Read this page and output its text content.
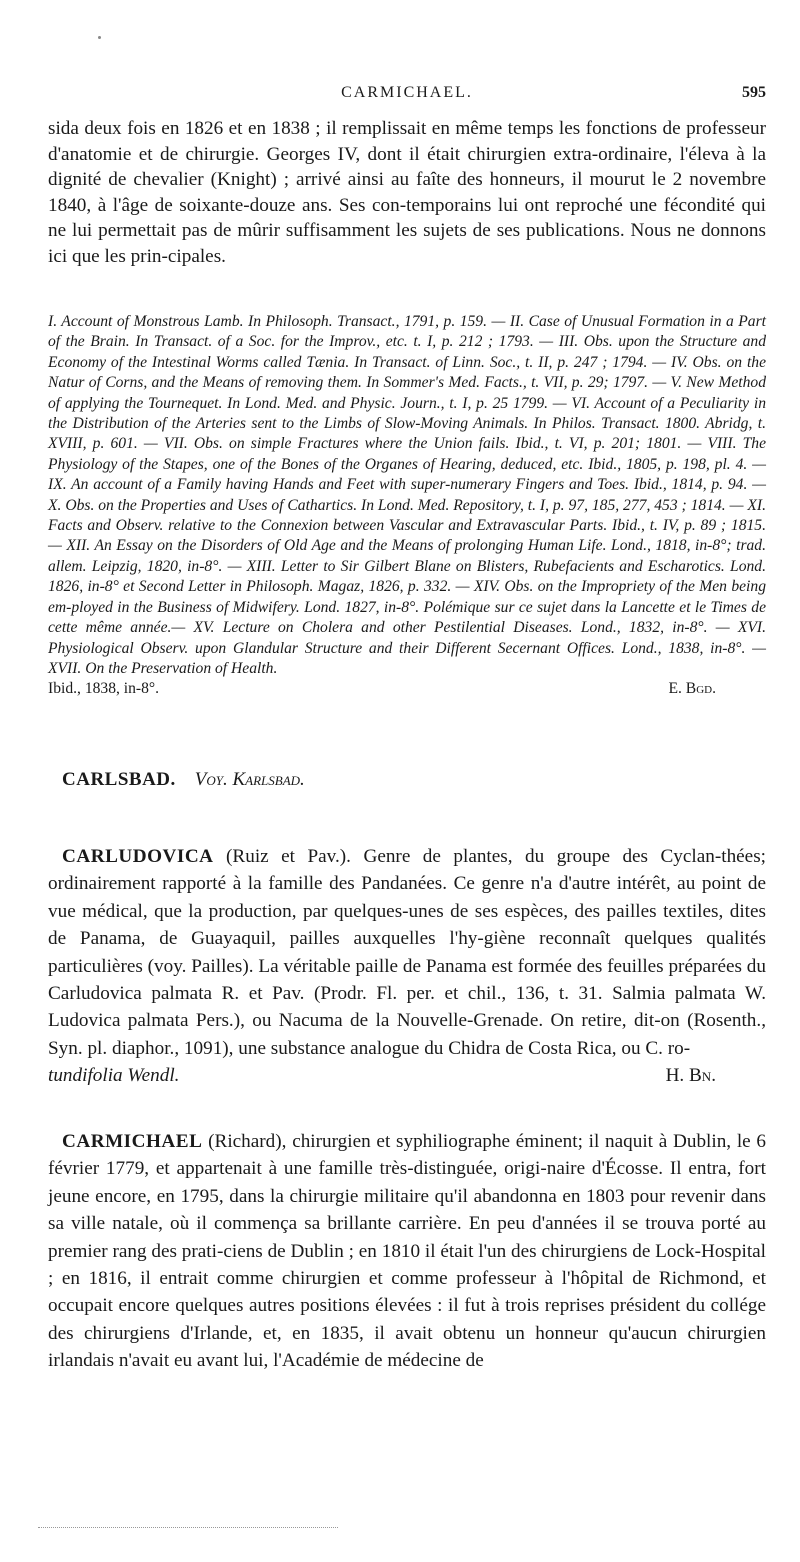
CARMICHAEL.	595

sida deux fois en 1826 et en 1838 ; il remplissait en même temps les fonctions de professeur d'anatomie et de chirurgie. Georges IV, dont il était chirurgien extra-ordinaire, l'éleva à la dignité de chevalier (Knight) ; arrivé ainsi au faîte des honneurs, il mourut le 2 novembre 1840, à l'âge de soixante-douze ans. Ses con-temporains lui ont reproché une fécondité qui ne lui permettait pas de mûrir suffisamment les sujets de ses publications. Nous ne donnons ici que les prin-cipales.

I. Account of Monstrous Lamb. In Philosoph. Transact., 1791, p. 159. — II. Case of Unusual Formation in a Part of the Brain. In Transact. of a Soc. for the Improv., etc. t. I, p. 212 ; 1793. — III. Obs. upon the Structure and Economy of the Intestinal Worms called Tænia. In Transact. of Linn. Soc., t. II, p. 247 ; 1794. — IV. Obs. on the Natur of Corns, and the Means of removing them. In Sommer's Med. Facts., t. VII, p. 29; 1797. — V. New Method of applying the Tournequet. In Lond. Med. and Physic. Journ., t. I, p. 25 1799. — VI. Account of a Peculiarity in the Distribution of the Arteries sent to the Limbs of Slow-Moving Animals. In Philos. Transact. 1800. Abridg, t. XVIII, p. 601. — VII. Obs. on simple Fractures where the Union fails. Ibid., t. VI, p. 201; 1801. — VIII. The Physiology of the Stapes, one of the Bones of the Organes of Hearing, deduced, etc. Ibid., 1805, p. 198, pl. 4. — IX. An account of a Family having Hands and Feet with super-numerary Fingers and Toes. Ibid., 1814, p. 94. — X. Obs. on the Properties and Uses of Cathartics. In Lond. Med. Repository, t. I, p. 97, 185, 277, 453 ; 1814. — XI. Facts and Observ. relative to the Connexion between Vascular and Extravascular Parts. Ibid., t. IV, p. 89 ; 1815. — XII. An Essay on the Disorders of Old Age and the Means of prolonging Human Life. Lond., 1818, in-8°; trad. allem. Leipzig, 1820, in-8°. — XIII. Letter to Sir Gilbert Blane on Blisters, Rubefacients and Escharotics. Lond. 1826, in-8° et Second Letter in Philosoph. Magaz, 1826, p. 332. — XIV. Obs. on the Impropriety of the Men being em-ployed in the Business of Midwifery. Lond. 1827, in-8°. Polémique sur ce sujet dans la Lancette et le Times de cette même année.— XV. Lecture on Cholera and other Pestilential Diseases. Lond., 1832, in-8°. — XVI. Physiological Observ. upon Glandular Structure and their Different Secernant Offices. Lond., 1838, in-8°. — XVII. On the Preservation of Health.

Ibid., 1838, in-8°.	E. Bgd.
CARLSBAD. Voy. Karlsbad.

CARLUDOVICA (Ruiz et Pav.). Genre de plantes, du groupe des Cyclan-thées; ordinairement rapporté à la famille des Pandanées. Ce genre n'a d'autre intérêt, au point de vue médical, que la production, par quelques-unes de ses espèces, des pailles textiles, dites de Panama, de Guayaquil, pailles auxquelles l'hy-giène reconnaît quelques qualités particulières (voy. Pailles). La véritable paille de Panama est formée des feuilles préparées du Carludovica palmata R. et Pav. (Prodr. Fl. per. et chil., 136, t. 31. Salmia palmata W. Ludovica palmata Pers.), ou Nacuma de la Nouvelle-Grenade. On retire, dit-on (Rosenth., Syn. pl. diaphor., 1091), une substance analogue du Chidra de Costa Rica, ou C. ro-

tundifolia Wendl.	H. Bn.

CARMICHAEL (Richard), chirurgien et syphiliographe éminent; il naquit à Dublin, le 6 février 1779, et appartenait à une famille très-distinguée, origi-naire d'Écosse. Il entra, fort jeune encore, en 1795, dans la chirurgie militaire qu'il abandonna en 1803 pour revenir dans sa ville natale, où il commença sa brillante carrière. En peu d'années il se trouva porté au premier rang des prati-ciens de Dublin ; en 1810 il était l'un des chirurgiens de Lock-Hospital ; en 1816, il entrait comme chirurgien et comme professeur à l'hôpital de Richmond, et occupait encore quelques autres positions élevées : il fut à trois reprises président du collége des chirurgiens d'Irlande, et, en 1835, il avait obtenu un honneur qu'aucun chirurgien irlandais n'avait eu avant lui, l'Académie de médecine de
